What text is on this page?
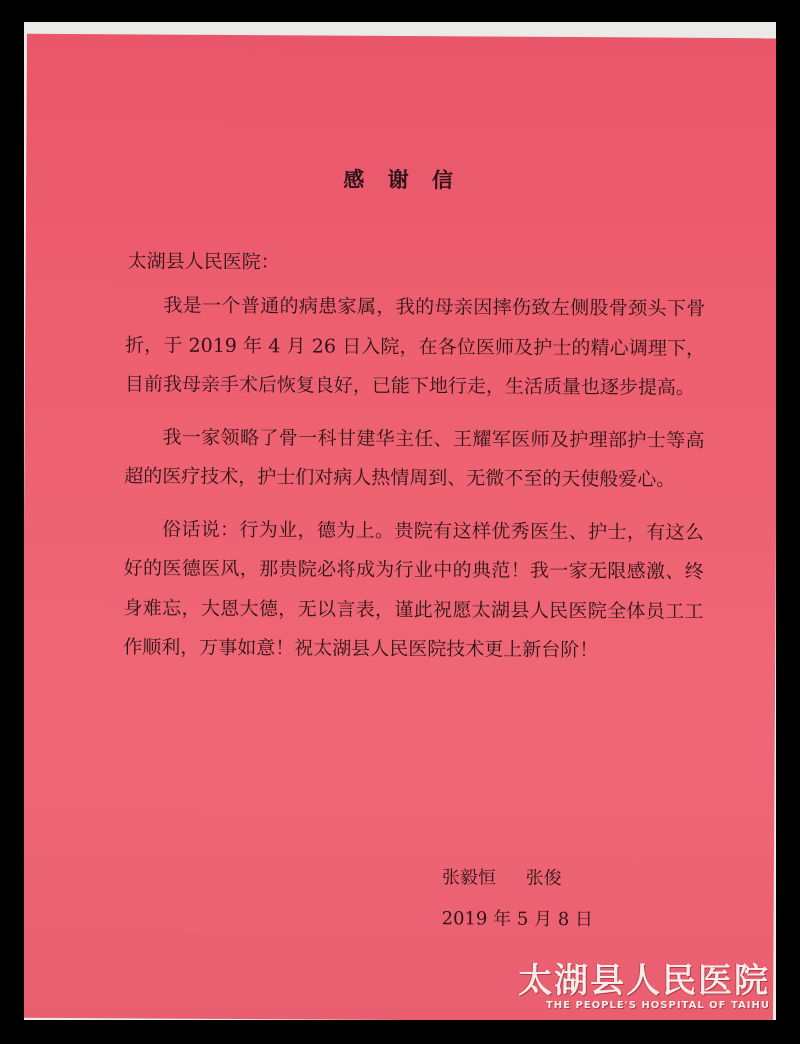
感 谢 信
太湖县人民医院：

我是一个普通的病患家属，我的母亲因摔伤致左侧股骨颈头下骨折，于 2019 年 4 月 26 日入院，在各位医师及护士的精心调理下，目前我母亲手术后恢复良好，已能下地行走，生活质量也逐步提高。

我一家领略了骨一科甘建华主任、王耀军医师及护理部护士等高超的医疗技术，护士们对病人热情周到、无微不至的天使般爱心。

俗话说：行为业，德为上。贵院有这样优秀医生、护士，有这么好的医德医风，那贵院必将成为行业中的典范！我一家无限感激、终身难忘，大恩大德，无以言表，谨此祝愿太湖县人民医院全体员工工作顺利，万事如意！祝太湖县人民医院技术更上新台阶！

张毅恒 张俊
2019 年 5 月 8 日
太湖县人民医院
THE PEOPLE'S HOSPITAL OF TAIHU
